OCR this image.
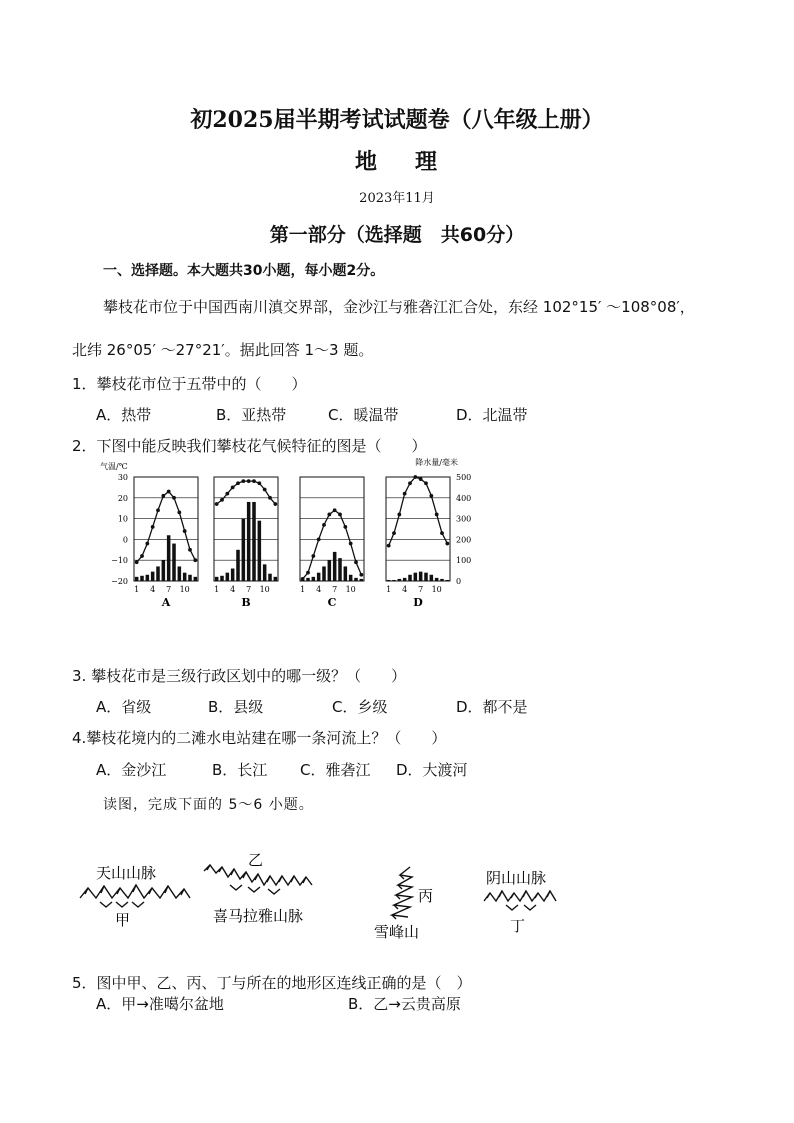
初2025届半期考试试题卷（八年级上册）
地 理
2023年11月
第一部分（选择题　共60分）
一、选择题。本大题共30小题，每小题2分。
攀枝花市位于中国西南川滇交界部，金沙江与雅砻江汇合处，东经 102°15′ ～108°08′，
北纬 26°05′ ～27°21′。据此回答 1～3 题。
1．攀枝花市位于五带中的（　　）
A．热带	B．亚热带	C．暖温带	D．北温带
2．下图中能反映我们攀枝花气候特征的图是（　　）
气温/℃
30
20
10
0
−10
−20
降水量/毫米
500
400
300
200
100
0
1 4 7 10
A
1 4 7 10
B
1 4 7 10
C
1 4 7 10
D
3. 攀枝花市是三级行政区划中的哪一级？（　　）
A．省级	B．县级	C．乡级	D．都不是
4.攀枝花境内的二滩水电站建在哪一条河流上？（　　）
A．金沙江	B．长江 C．雅砻江 D．大渡河
读图，完成下面的 5～6 小题。
天山山脉
甲
乙
喜马拉雅山脉
丙
雪峰山
阴山山脉
丁
5．图中甲、乙、丙、丁与所在的地形区连线正确的是（　）
A．甲→准噶尔盆地	B．乙→云贵高原
